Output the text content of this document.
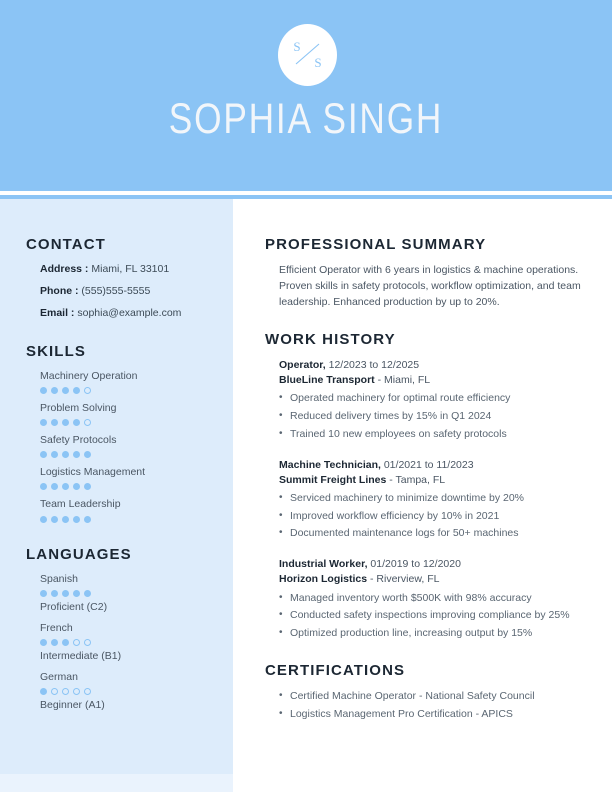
S
S
SOPHIA SINGH
CONTACT
Address : Miami, FL 33101
Phone : (555)555-5555
Email : sophia@example.com
SKILLS
Machinery Operation
Problem Solving
Safety Protocols
Logistics Management
Team Leadership
LANGUAGES
Spanish
Proficient (C2)
French
Intermediate (B1)
German
Beginner (A1)
PROFESSIONAL SUMMARY
Efficient Operator with 6 years in logistics & machine operations. Proven skills in safety protocols, workflow optimization, and team leadership. Enhanced production by up to 20%.
WORK HISTORY
Operator, 12/2023 to 12/2025
BlueLine Transport - Miami, FL
• Operated machinery for optimal route efficiency
• Reduced delivery times by 15% in Q1 2024
• Trained 10 new employees on safety protocols
Machine Technician, 01/2021 to 11/2023
Summit Freight Lines - Tampa, FL
• Serviced machinery to minimize downtime by 20%
• Improved workflow efficiency by 10% in 2021
• Documented maintenance logs for 50+ machines
Industrial Worker, 01/2019 to 12/2020
Horizon Logistics - Riverview, FL
• Managed inventory worth $500K with 98% accuracy
• Conducted safety inspections improving compliance by 25%
• Optimized production line, increasing output by 15%
CERTIFICATIONS
• Certified Machine Operator - National Safety Council
• Logistics Management Pro Certification - APICS
